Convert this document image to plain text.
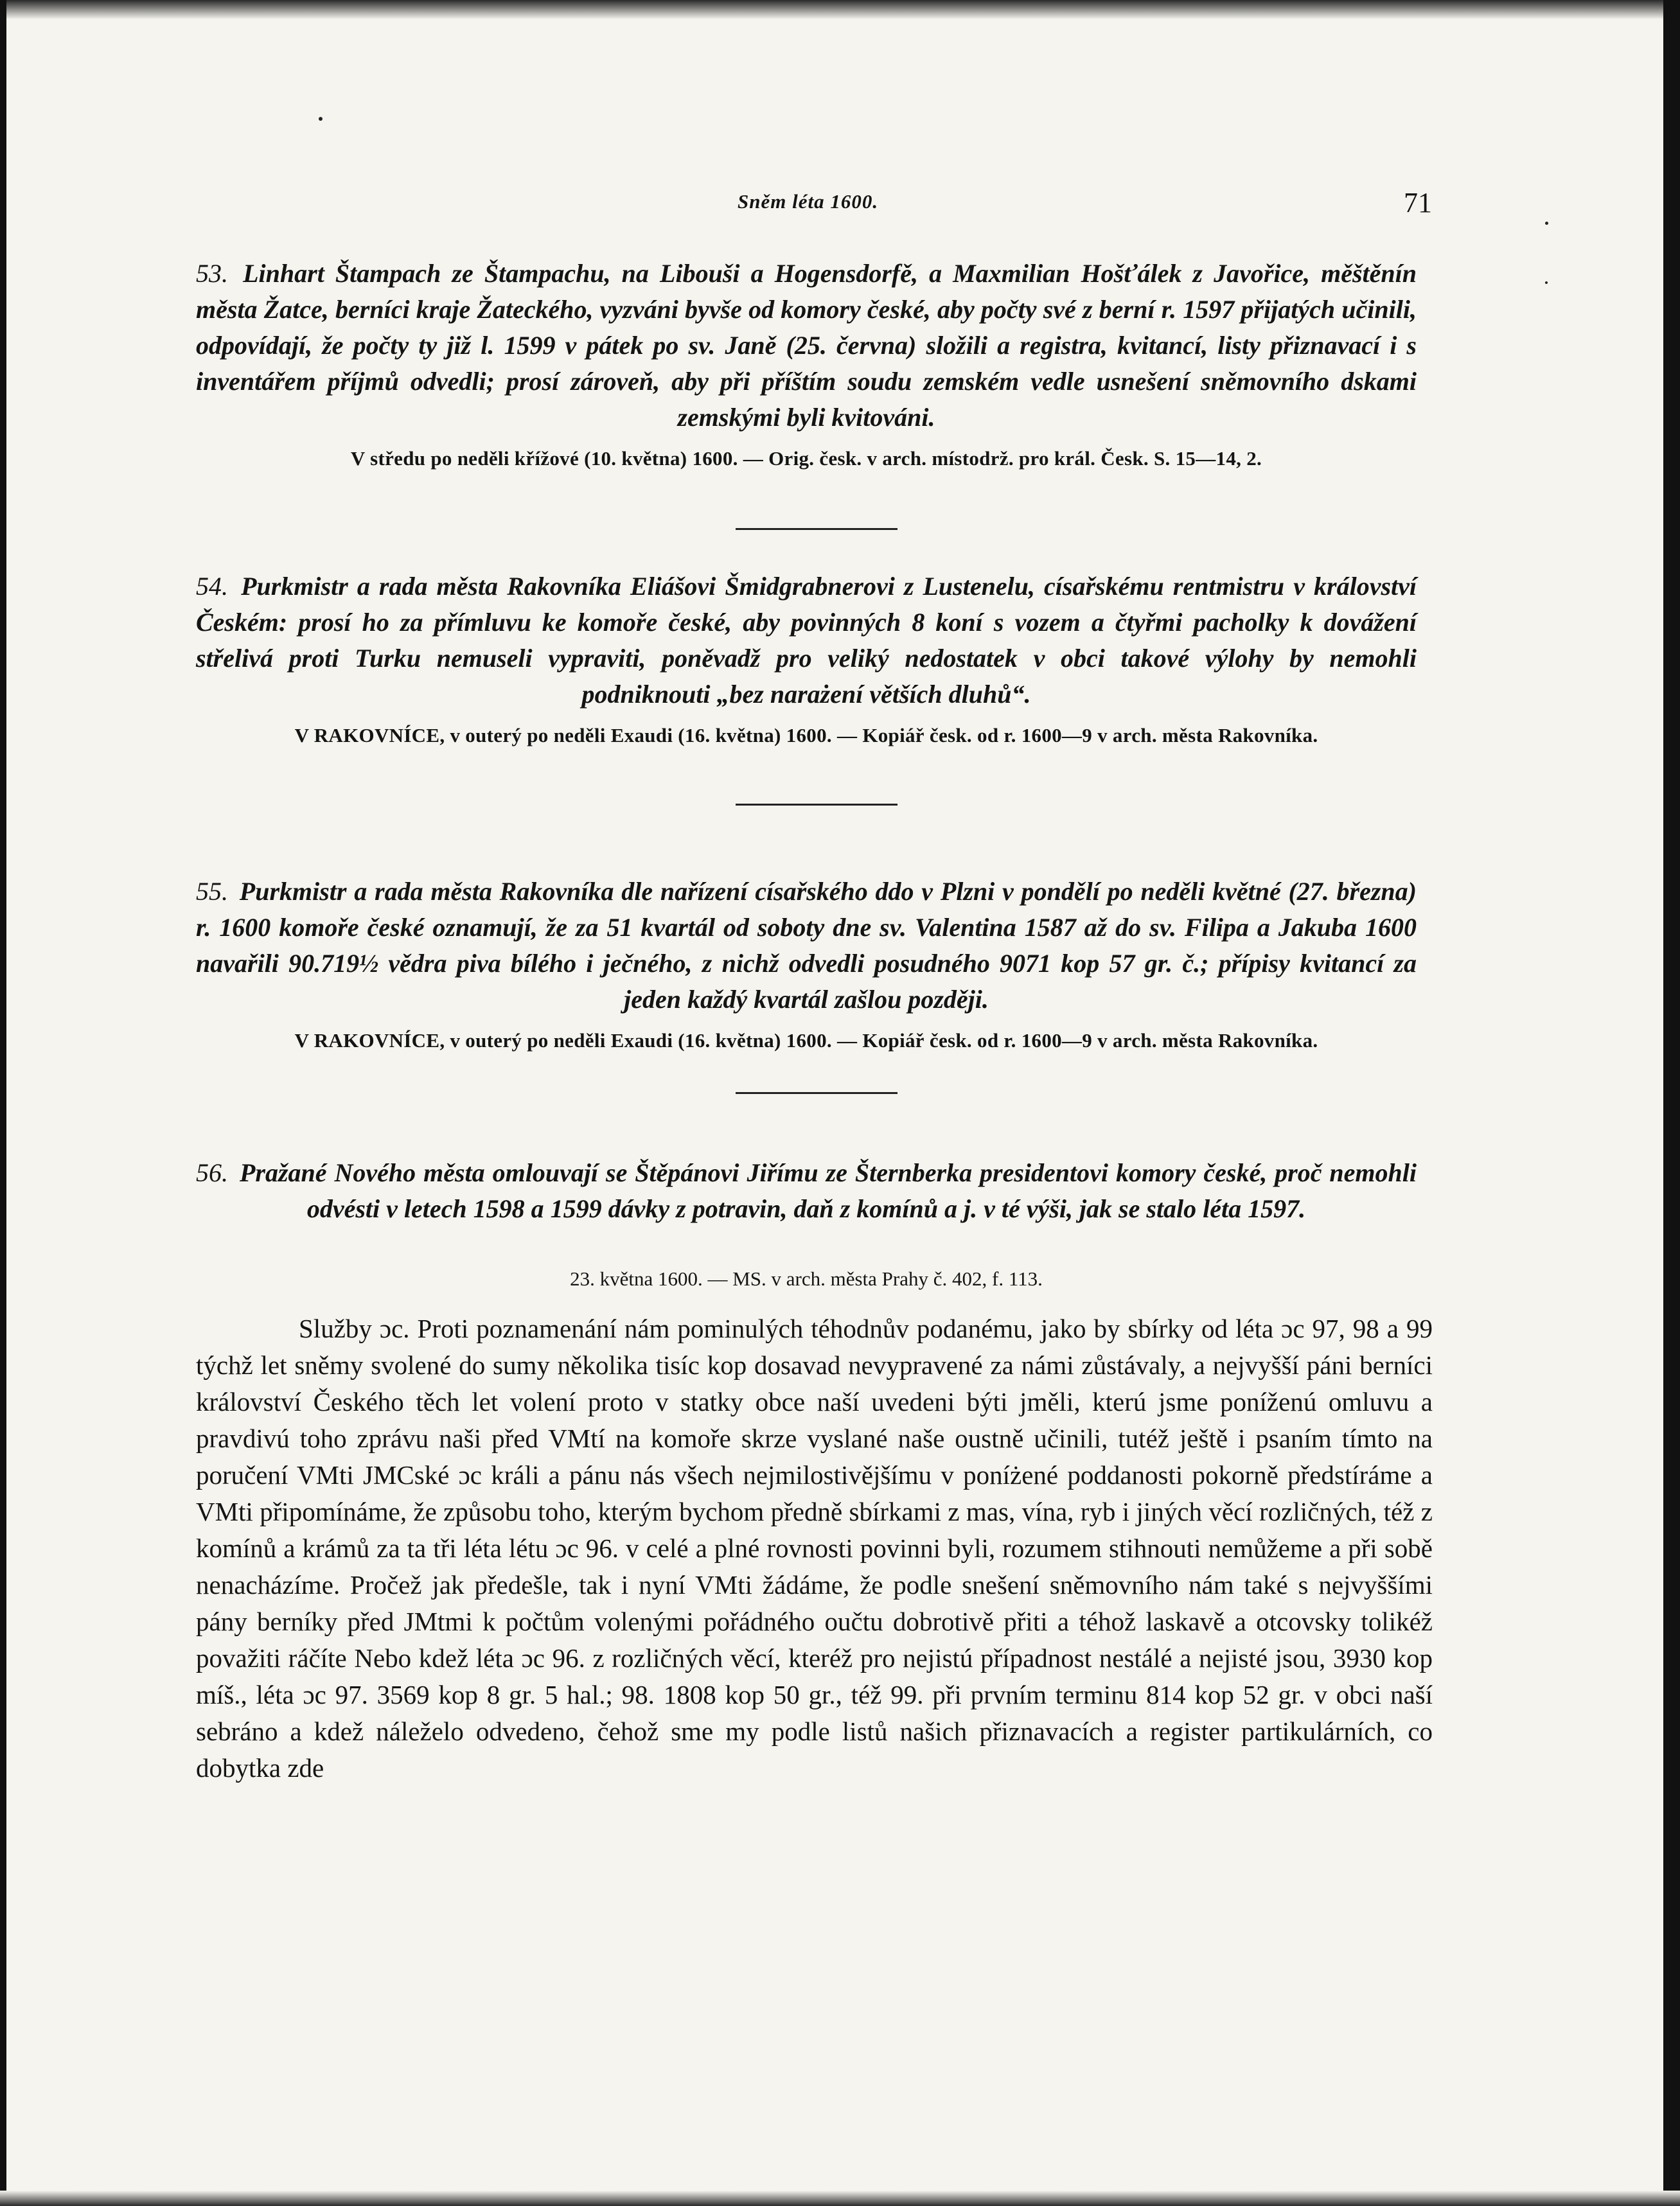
Sněm léta 1600.	71

53. Linhart Štampach ze Štampachu, na Libouši a Hogensdorfě, a Maxmilian Hošťálek z Javořice, měštěnín města Žatce, berníci kraje Žateckého, vyzváni byvše od komory české, aby počty své z berní r. 1597 přijatých učinili, odpovídají, že počty ty již l. 1599 v pátek po sv. Janě (25. června) složili a registra, kvitancí, listy přiznavací i s inventářem příjmů odvedli; prosí zároveň, aby při příštím soudu zemském vedle usnešení sněmovního dskami zemskými byli kvitováni.

V středu po neděli křížové (10. května) 1600. — Orig. česk. v arch. místodrž. pro král. Česk. S. 15—14, 2.

54. Purkmistr a rada města Rakovníka Eliášovi Šmidgrabnerovi z Lustenelu, císařskému rentmistru v království Českém: prosí ho za přímluvu ke komoře české, aby povinných 8 koní s vozem a čtyřmi pacholky k dovážení střelivá proti Turku nemuseli vypraviti, poněvadž pro veliký nedostatek v obci takové výlohy by nemohli podniknouti „bez narażení větších dluhů“.

V RAKOVNÍCE, v outerý po neděli Exaudi (16. května) 1600. — Kopiář česk. od r. 1600—9 v arch. města Rakovníka.

55. Purkmistr a rada města Rakovníka dle nařízení císařského ddo v Plzni v pondělí po neděli květné (27. března) r. 1600 komoře české oznamují, že za 51 kvartál od soboty dne sv. Valentina 1587 až do sv. Filipa a Jakuba 1600 navařili 90.719½ vědra piva bílého i ječného, z nichž odvedli posudného 9071 kop 57 gr. č.; přípisy kvitancí za jeden každý kvartál zašlou později.

V RAKOVNÍCE, v outerý po neděli Exaudi (16. května) 1600. — Kopiář česk. od r. 1600—9 v arch. města Rakovníka.

56. Pražané Nového města omlouvají se Štěpánovi Jiřímu ze Šternberka presidentovi komory české, proč nemohli odvésti v letech 1598 a 1599 dávky z potravin, daň z komínů a j. v té výši, jak se stalo léta 1597.

23. května 1600. — MS. v arch. města Prahy č. 402, f. 113.

Služby ɔc. Proti poznamenání nám pominulých téhodnův podanému, jako by sbírky od léta ɔc 97, 98 a 99 týchž let sněmy svolené do sumy několika tisíc kop dosavad nevypravené za námi zůstávaly, a nejvyšší páni berníci království Českého těch let volení proto v statky obce naší uvedeni býti jměli, kterú jsme poníženú omluvu a pravdivú toho zprávu naši před VMtí na komoře skrze vyslané naše oustně učinili, tutéž ještě i psaním tímto na poručení VMti JMCské ɔc králi a pánu nás všech nejmilostivějšímu v poníżené poddanosti pokorně předstíráme a VMti připomínáme, že způsobu toho, kterým bychom předně sbírkami z mas, vína, ryb i jiných věcí rozličných, též z komínů a krámů za ta tři léta létu ɔc 96. v celé a plné rovnosti povinni byli, rozumem stihnouti nemůžeme a při sobě nenacházíme. Pročež jak předešle, tak i nyní VMti žádáme, že podle snešení sněmovního nám také s nejvyššími pány berníky před JMtmi k počtům volenými pořádného oučtu dobrotivě přiti a téhož laskavě a otcovsky tolikéž považiti ráčíte Nebo kdež léta ɔc 96. z rozličných věcí, kteréž pro nejistú případnost nestálé a nejisté jsou, 3930 kop míš., léta ɔc 97. 3569 kop 8 gr. 5 hal.; 98. 1808 kop 50 gr., též 99. při prvním terminu 814 kop 52 gr. v obci naší sebráno a kdež náleželo odvedeno, čehož sme my podle listů našich přiznavacích a register partikulárních, co dobytka zde
